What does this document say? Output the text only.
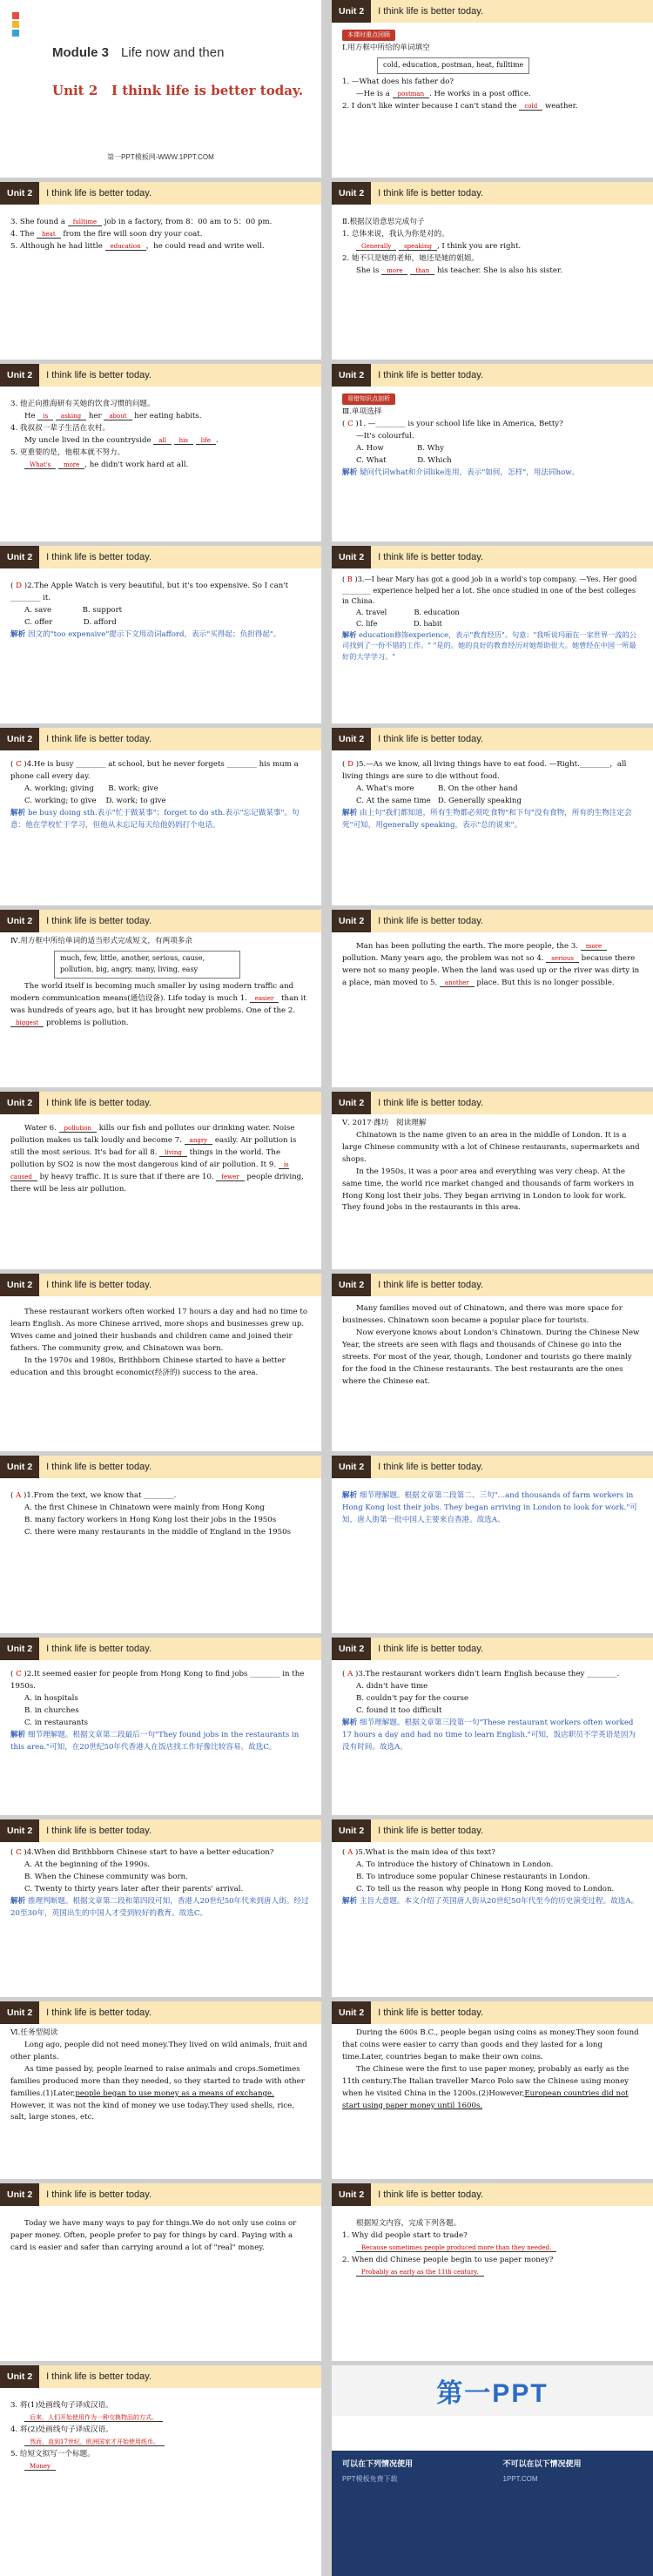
Module 3 Life now and then
Unit 2 I think life is better today.
第一PPT模板网-WWW.1PPT.COM
Unit 2	I think life is better today.

本课时重点回顾

Ⅰ.用方框中所给的单词填空

cold, education, postman, heat, fulltime

1. —What does his father do?

—He is a postman . He works in a post office.

2. I don't like winter because I can't stand the cold weather.

Unit 2	I think life is better today.

3. She found a fulltime job in a factory, from 8：00 am to 5：00 pm.

4. The heat from the fire will soon dry your coat.

5. Although he had little education ，he could read and write well.

Unit 2	I think life is better today.

Ⅱ.根据汉语意思完成句子

1. 总体来说，我认为你是对的。

Generally speaking , I think you are right.

2. 她不只是她的老师，她还是她的姐姐。

She is more than his teacher. She is also his sister.

Unit 2	I think life is better today.

3. 他正向推海研有关她的饮食习惯的问题。

He is asking her about her eating habits.

4. 我叔叔一辈子生活在农村。

My uncle lived in the countryside all his life .

5. 更重要的是，他根本就不努力。

What's more , he didn't work hard at all.

Unit 2	I think life is better today.

易错知识点剖析

Ⅲ.单项选择

( C )1. —________ is your school life like in America, Betty?

—It's colourful.

A. How	B. Why

C. What	D. Which

解析 疑问代词what和介词like连用，表示"如何，怎样"，用法同how。

Unit 2	I think life is better today.

( D )2.The Apple Watch is very beautiful, but it's too expensive. So I can't ________ it.

A. save	B. support

C. offer	D. afford

解析 因文的"too expensive"提示下文用动词afford，表示"买得起；负担得起"。

Unit 2	I think life is better today.

( B )3.—I hear Mary has got a good job in a world's top company. —Yes. Her good ________ experience helped her a lot. She once studied in one of the best colleges in China.

A. travel	B. education

C. life	D. habit

解析 education修饰experience，表示"教育经历"。句意："我听说玛丽在一家世界一流的公司找到了一份不错的工作。" "是的。她的良好的教育经历对她帮助很大。她曾经在中国一所最好的大学学习。"

Unit 2	I think life is better today.

( C )4.He is busy ________ at school, but he never forgets ________ his mum a phone call every day.

A. working; giving B. work; give

C. working; to give D. work; to give

解析 be busy doing sth.表示"忙于做某事"；forget to do sth.表示"忘记做某事"。句意：他在学校忙于学习，但他从未忘记每天给他妈妈打个电话。

Unit 2	I think life is better today.

( D )5.—As we know, all living things have to eat food. —Right.________，all living things are sure to die without food.

A. What's more	B. On the other hand

C. At the same time D. Generally speaking

解析 由上句"我们都知道，所有生物都必须吃食物"和下句"没有食物，所有的生物注定会死"可知，用generally speaking，表示"总的说来"。

Unit 2	I think life is better today.

Ⅳ.用方框中所给单词的适当形式完成短文，有两项多余

much, few, little, another, serious, cause, pollution, big, angry, many, living, easy

The world itself is becoming much smaller by using modern traffic and modern communication means(通信设备). Life today is much 1. easier than it was hundreds of years ago, but it has brought new problems. One of the 2. biggest problems is pollution.

Unit 2	I think life is better today.

Man has been polluting the earth. The more people, the 3. more pollution. Many years ago, the problem was not so 4. serious because there were not so many people. When the land was used up or the river was dirty in a place, man moved to 5. another place. But this is no longer possible.

Unit 2	I think life is better today.

Water 6. pollution kills our fish and pollutes our drinking water. Noise pollution makes us talk loudly and become 7. angry easily. Air pollution is still the most serious. It's bad for all 8. living things in the world. The pollution by SO2 is now the most dangerous kind of air pollution. It 9. is caused by heavy traffic. It is sure that if there are 10. fewer people driving, there will be less air pollution.

Unit 2	I think life is better today.

Ⅴ. 2017·潍坊　阅读理解

Chinatown is the name given to an area in the middle of London. It is a large Chinese community with a lot of Chinese restaurants, supermarkets and shops.

In the 1950s, it was a poor area and everything was very cheap. At the same time, the world rice market changed and thousands of farm workers in Hong Kong lost their jobs. They began arriving in London to look for work. They found jobs in the restaurants in this area.

Unit 2	I think life is better today.

These restaurant workers often worked 17 hours a day and had no time to learn English. As more Chinese arrived, more shops and businesses grew up. Wives came and joined their husbands and children came and joined their fathers. The community grew, and Chinatown was born.

In the 1970s and 1980s, Brithbborn Chinese started to have a better education and this brought economic(经济的) success to the area.

Unit 2	I think life is better today.

Many families moved out of Chinatown, and there was more space for businesses. Chinatown soon became a popular place for tourists.

Now everyone knows about London's Chinatown. During the Chinese New Year, the streets are seen with flags and thousands of Chinese go into the streets. For most of the year, though, Londoner and tourists go there mainly for the food in the Chinese restaurants. The best restaurants are the ones where the Chinese eat.

Unit 2	I think life is better today.

( A )1.From the text, we know that ________.

A. the first Chinese in Chinatown were mainly from Hong Kong

B. many factory workers in Hong Kong lost their jobs in the 1950s

C. there were many restaurants in the middle of England in the 1950s

Unit 2	I think life is better today.

解析 细节理解题。根据文章第二段第二、三句"…and thousands of farm workers in Hong Kong lost their jobs. They began arriving in London to look for work."可知，唐人街第一批中国人主要来自香港。故选A。

Unit 2	I think life is better today.

( C )2.It seemed easier for people from Hong Kong to find jobs ________ in the 1950s.

A. in hospitals

B. in churches

C. in restaurants

解析 细节理解题。根据文章第二段最后一句"They found jobs in the restaurants in this area."可知，在20世纪50年代香港人在饭店找工作好像比较容易。故选C。

Unit 2	I think life is better today.

( A )3.The restaurant workers didn't learn English because they ________.

A. didn't have time

B. couldn't pay for the course

C. found it too difficult

解析 细节理解题。根据文章第三段第一句"These restaurant workers often worked 17 hours a day and had no time to learn English."可知，饭店职员不学英语是因为没有时间。故选A。

Unit 2	I think life is better today.

( C )4.When did Brithbborn Chinese start to have a better education?

A. At the beginning of the 1990s.

B. When the Chinese community was born.

C. Twenty to thirty years later after their parents' arrival.

解析 推理判断题。根据文章第二段和第四段可知，香港人20世纪50年代来到唐人街。经过20至30年，英国出生的中国人才受到较好的教育。故选C。

Unit 2	I think life is better today.

( A )5.What is the main idea of this text?

A. To introduce the history of Chinatown in London.

B. To introduce some popular Chinese restaurants in London.

C. To tell us the reason why people in Hong Kong moved to London.

解析 主旨大意题。本文介绍了英国唐人街从20世纪50年代至今的历史演变过程。故选A。

Unit 2	I think life is better today.

Ⅵ.任务型阅读

Long ago, people did not need money.They lived on wild animals, fruit and other plants.

As time passed by, people learned to raise animals and crops.Sometimes families produced more than they needed, so they started to trade with other families.(1)Later,people began to use money as a means of exchange. However, it was not the kind of money we use today.They used shells, rice, salt, large stones, etc.

Unit 2	I think life is better today.

During the 600s B.C., people began using coins as money.They soon found that coins were easier to carry than goods and they lasted for a long time.Later, countries began to make their own coins.

The Chinese were the first to use paper money, probably as early as the 11th century.The Italian traveller Marco Polo saw the Chinese using money when he visited China in the 1200s.(2)However,European countries did not start using paper money until 1600s.

Unit 2	I think life is better today.

Today we have many ways to pay for things.We do not only use coins or paper money. Often, people prefer to pay for things by card. Paying with a card is easier and safer than carrying around a lot of "real" money.

Unit 2	I think life is better today.

根据短文内容，完成下列各题。

1. Why did people start to trade?

Because sometimes people produced more than they needed.

2. When did Chinese people begin to use paper money?

Probably as early as the 11th century.

Unit 2	I think life is better today.

3. 将(1)处画线句子译成汉语。

后来，人们开始使用作为一种交换物品的方式。

4. 将(2)处画线句子译成汉语。

然而，直到17世纪，欧洲国家才开始使用纸币。

5. 给短文拟写一个标题。

Money

第一PPT
可以在下列情况使用
PPT模板免费下载
不可以在以下情况使用
1PPT.COM
